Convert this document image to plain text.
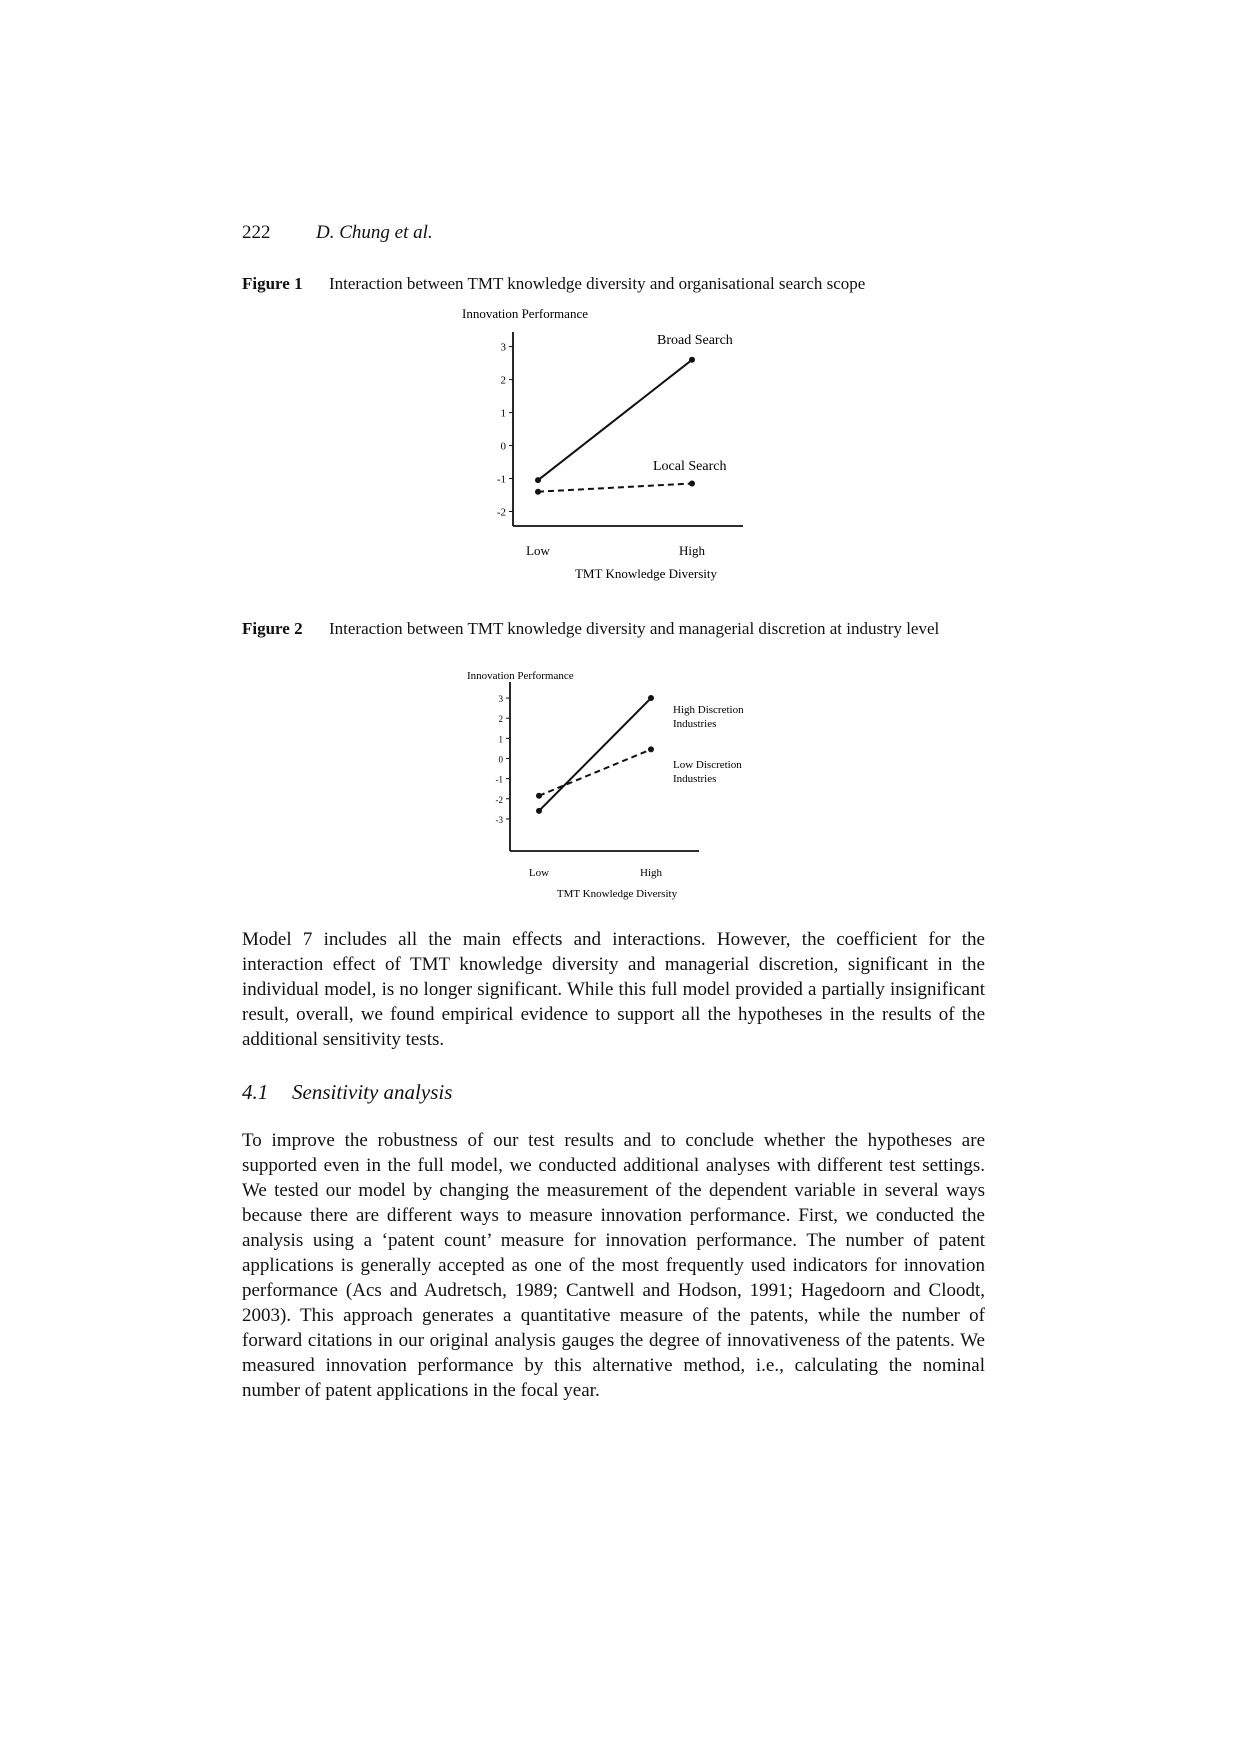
222 D. Chung et al.
Figure 1 Interaction between TMT knowledge diversity and organisational search scope
Innovation Performance
3
2
1
0
-1
-2
Low	High
TMT Knowledge Diversity
Broad Search
Local Search
Figure 2 Interaction between TMT knowledge diversity and managerial discretion at industry level
Innovation Performance
3
2
1
0
-1
-2
-3
Low	High
TMT Knowledge Diversity
High Discretion
Industries
Low Discretion
Industries

Model 7 includes all the main effects and interactions. However, the coefficient for the interaction effect of TMT knowledge diversity and managerial discretion, significant in the individual model, is no longer significant. While this full model provided a partially insignificant result, overall, we found empirical evidence to support all the hypotheses in the results of the additional sensitivity tests.

4.1 Sensitivity analysis

To improve the robustness of our test results and to conclude whether the hypotheses are supported even in the full model, we conducted additional analyses with different test settings. We tested our model by changing the measurement of the dependent variable in several ways because there are different ways to measure innovation performance. First, we conducted the analysis using a ‘patent count’ measure for innovation performance. The number of patent applications is generally accepted as one of the most frequently used indicators for innovation performance (Acs and Audretsch, 1989; Cantwell and Hodson, 1991; Hagedoorn and Cloodt, 2003). This approach generates a quantitative measure of the patents, while the number of forward citations in our original analysis gauges the degree of innovativeness of the patents. We measured innovation performance by this alternative method, i.e., calculating the nominal number of patent applications in the focal year.
